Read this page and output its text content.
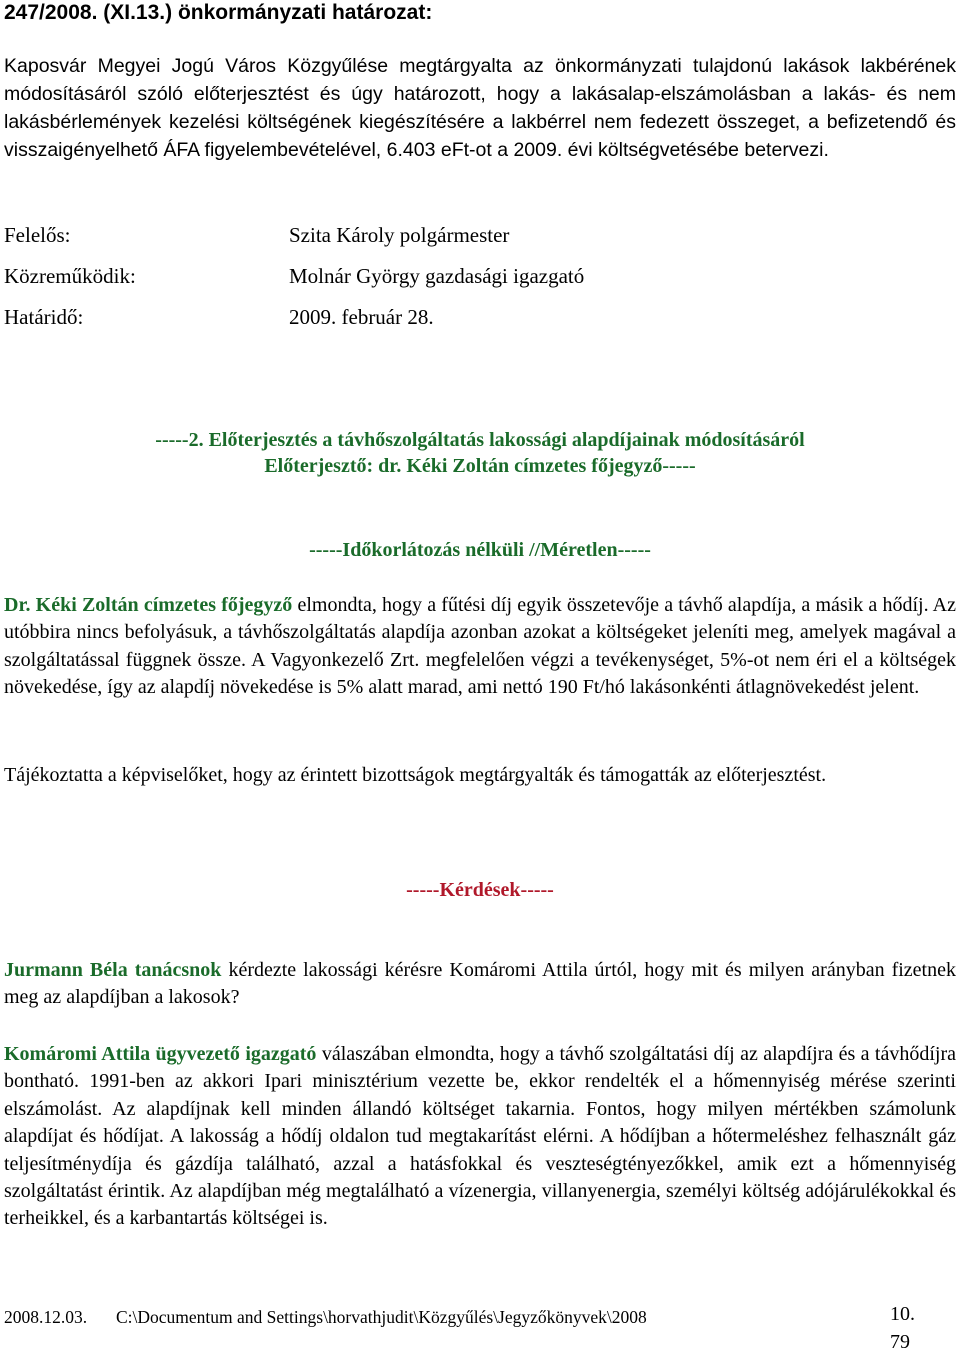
247/2008. (XI.13.) önkormányzati határozat:
Kaposvár Megyei Jogú Város Közgyűlése megtárgyalta az önkormányzati tulajdonú lakások lakbérének módosításáról szóló előterjesztést és úgy határozott, hogy a lakásalap-elszámolásban a lakás- és nem lakásbérlemények kezelési költségének kiegészítésére a lakbérrel nem fedezett összeget, a befizetendő és visszaigényelhető ÁFA figyelembevételével, 6.403 eFt-ot a 2009. évi költségvetésébe betervezi.
Felelős:	Szita Károly polgármester
Közreműködik:	Molnár György gazdasági igazgató
Határidő:	2009. február 28.
-----2. Előterjesztés a távhőszolgáltatás lakossági alapdíjainak módosításáról
Előterjesztő: dr. Kéki Zoltán címzetes főjegyző-----
-----Időkorlátozás nélküli //Méretlen-----
Dr. Kéki Zoltán címzetes főjegyző elmondta, hogy a fűtési díj egyik összetevője a távhő alapdíja, a másik a hődíj. Az utóbbira nincs befolyásuk, a távhőszolgáltatás alapdíja azonban azokat a költségeket jeleníti meg, amelyek magával a szolgáltatással függnek össze. A Vagyonkezelő Zrt. megfelelően végzi a tevékenységet, 5%-ot nem éri el a költségek növekedése, így az alapdíj növekedése is 5% alatt marad, ami nettó 190 Ft/hó lakásonkénti átlagnövekedést jelent.
Tájékoztatta a képviselőket, hogy az érintett bizottságok megtárgyalták és támogatták az előterjesztést.
-----Kérdések-----
Jurmann Béla tanácsnok kérdezte lakossági kérésre Komáromi Attila úrtól, hogy mit és milyen arányban fizetnek meg az alapdíjban a lakosok?
Komáromi Attila ügyvezető igazgató válaszában elmondta, hogy a távhő szolgáltatási díj az alapdíjra és a távhődíjra bontható. 1991-ben az akkori Ipari minisztérium vezette be, ekkor rendelték el a hőmennyiség mérése szerinti elszámolást. Az alapdíjnak kell minden állandó költséget takarnia. Fontos, hogy milyen mértékben számolunk alapdíjat és hődíjat. A lakosság a hődíj oldalon tud megtakarítást elérni. A hődíjban a hőtermeléshez felhasznált gáz teljesítménydíja és gázdíja található, azzal a hatásfokkal és veszteségtényezőkkel, amik ezt a hőmennyiség szolgáltatást érintik. Az alapdíjban még megtalálható a vízenergia, villanyenergia, személyi költség adójárulékokkal és terheikkel, és a karbantartás költségei is.
2008.12.03. C:\Documentum and Settings\horvathjudit\Közgyűlés\Jegyzőkönyvek\2008	10.
79
